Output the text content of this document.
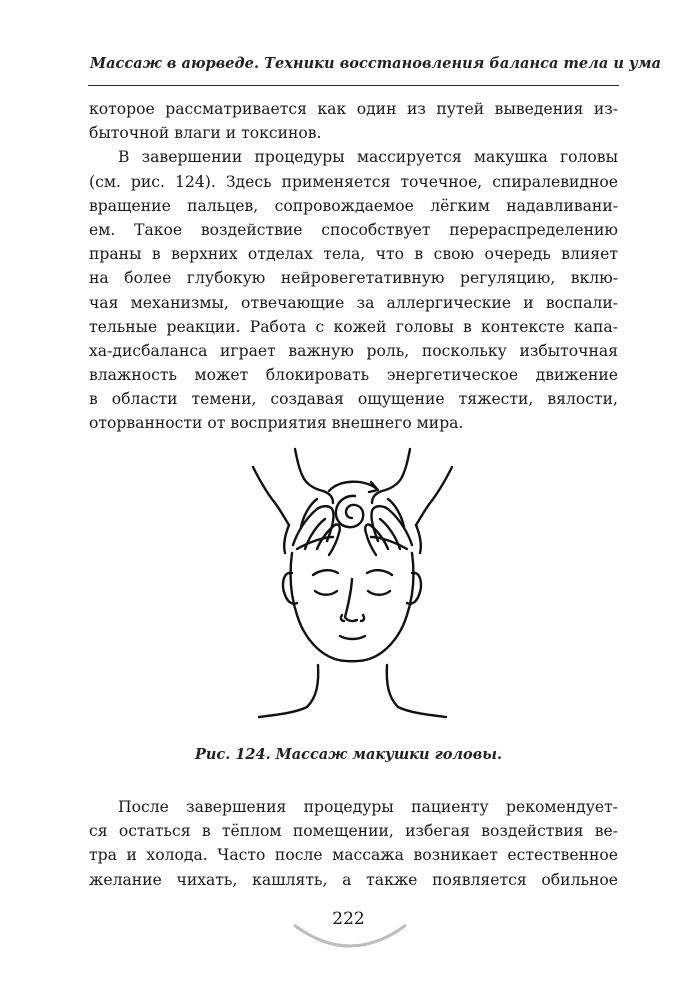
Массаж в аюрведе. Техники восстановления баланса тела и ума
которое рассматривается как один из путей выведения из-
быточной влаги и токсинов.
В завершении процедуры массируется макушка головы
(см. рис. 124). Здесь применяется точечное, спиралевидное
вращение пальцев, сопровождаемое лёгким надавливани-
ем. Такое воздействие способствует перераспределению
праны в верхних отделах тела, что в свою очередь влияет
на более глубокую нейровегетативную регуляцию, вклю-
чая механизмы, отвечающие за аллергические и воспали-
тельные реакции. Работа с кожей головы в контексте капа-
ха-дисбаланса играет важную роль, поскольку избыточная
влажность может блокировать энергетическое движение
в области темени, создавая ощущение тяжести, вялости,
оторванности от восприятия внешнего мира.
Рис. 124. Массаж макушки головы.
После завершения процедуры пациенту рекомендует-
ся остаться в тёплом помещении, избегая воздействия ве-
тра и холода. Часто после массажа возникает естественное
желание чихать, кашлять, а также появляется обильное
222
